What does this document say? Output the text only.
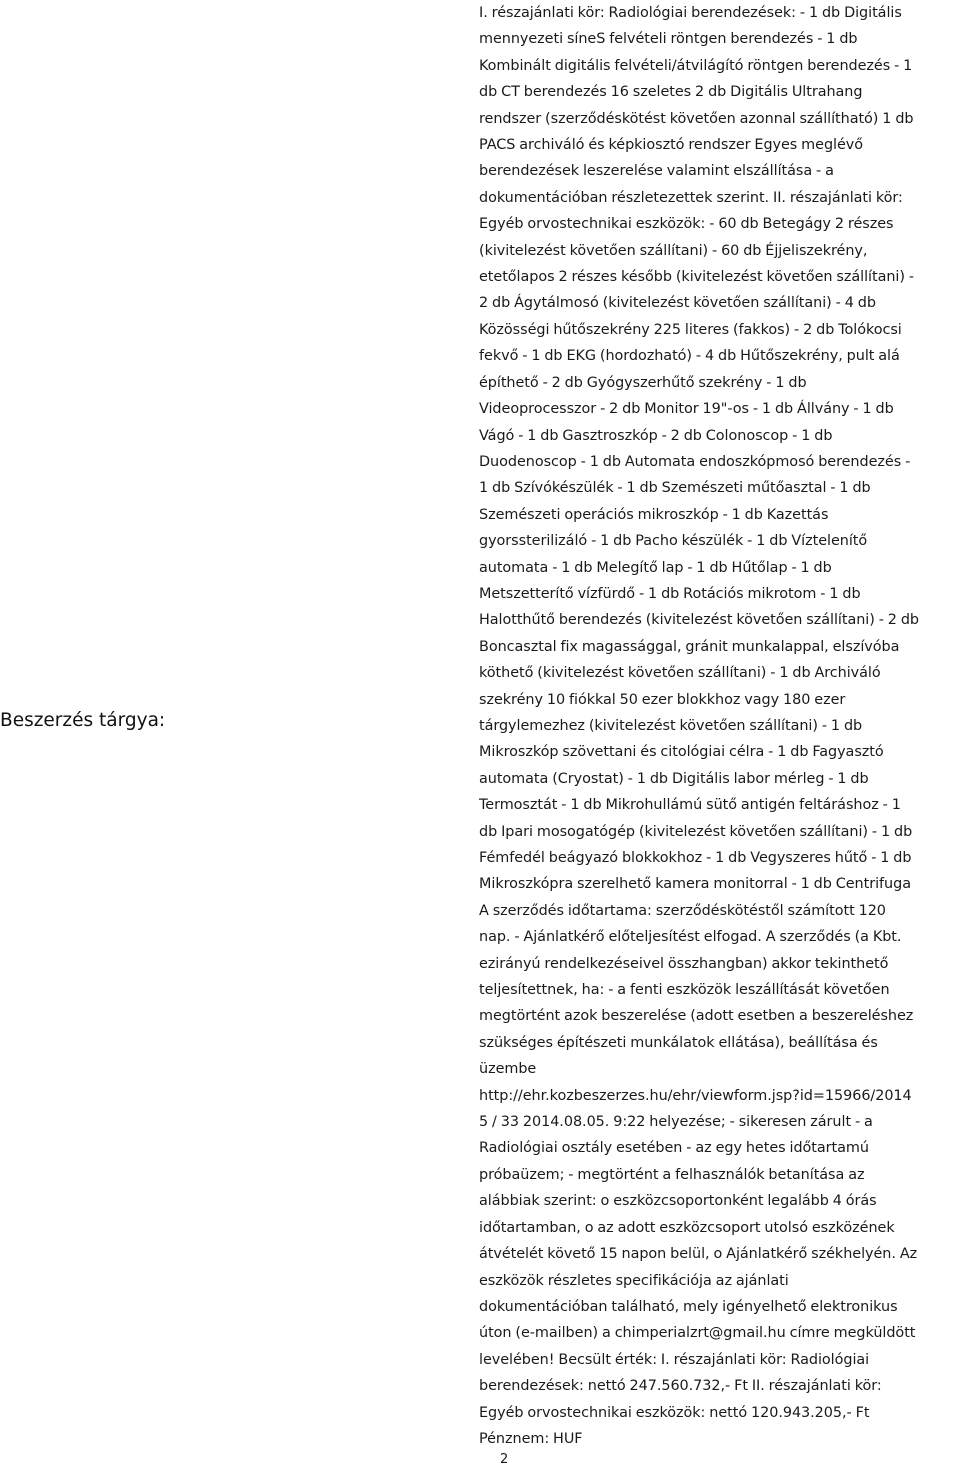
Beszerzés tárgya:
I. részajánlati kör: Radiológiai berendezések: - 1 db Digitális
mennyezeti síneS felvételi röntgen berendezés - 1 db
Kombinált digitális felvételi/átvilágító röntgen berendezés - 1
db CT berendezés 16 szeletes 2 db Digitális Ultrahang
rendszer (szerződéskötést követően azonnal szállítható) 1 db
PACS archiváló és képkiosztó rendszer Egyes meglévő
berendezések leszerelése valamint elszállítása - a
dokumentációban részletezettek szerint. II. részajánlati kör:
Egyéb orvostechnikai eszközök: - 60 db Betegágy 2 részes
(kivitelezést követően szállítani) - 60 db Éjjeliszekrény,
etetőlapos 2 részes később (kivitelezést követően szállítani) -
2 db Ágytálmosó (kivitelezést követően szállítani) - 4 db
Közösségi hűtőszekrény 225 literes (fakkos) - 2 db Tolókocsi
fekvő - 1 db EKG (hordozható) - 4 db Hűtőszekrény, pult alá
építhető - 2 db Gyógyszerhűtő szekrény - 1 db
Videoprocesszor - 2 db Monitor 19"-os - 1 db Állvány - 1 db
Vágó - 1 db Gasztroszkóp - 2 db Colonoscop - 1 db
Duodenoscop - 1 db Automata endoszkópmosó berendezés -
1 db Szívókészülék - 1 db Szemészeti műtőasztal - 1 db
Szemészeti operációs mikroszkóp - 1 db Kazettás
gyorssterilizáló - 1 db Pacho készülék - 1 db Víztelenítő
automata - 1 db Melegítő lap - 1 db Hűtőlap - 1 db
Metszetterítő vízfürdő - 1 db Rotációs mikrotom - 1 db
Halotthűtő berendezés (kivitelezést követően szállítani) - 2 db
Boncasztal fix magassággal, gránit munkalappal, elszívóba
köthető (kivitelezést követően szállítani) - 1 db Archiváló
szekrény 10 fiókkal 50 ezer blokkhoz vagy 180 ezer
tárgylemezhez (kivitelezést követően szállítani) - 1 db
Mikroszkóp szövettani és citológiai célra - 1 db Fagyasztó
automata (Cryostat) - 1 db Digitális labor mérleg - 1 db
Termosztát - 1 db Mikrohullámú sütő antigén feltáráshoz - 1
db Ipari mosogatógép (kivitelezést követően szállítani) - 1 db
Fémfedél beágyazó blokkokhoz - 1 db Vegyszeres hűtő - 1 db
Mikroszkópra szerelhető kamera monitorral - 1 db Centrifuga
A szerződés időtartama: szerződéskötéstől számított 120
nap. - Ajánlatkérő előteljesítést elfogad. A szerződés (a Kbt.
ezirányú rendelkezéseivel összhangban) akkor tekinthető
teljesítettnek, ha: - a fenti eszközök leszállítását követően
megtörtént azok beszerelése (adott esetben a beszereléshez
szükséges építészeti munkálatok ellátása), beállítása és
üzembe
http://ehr.kozbeszerzes.hu/ehr/viewform.jsp?id=15966/2014
5 / 33 2014.08.05. 9:22 helyezése; - sikeresen zárult - a
Radiológiai osztály esetében - az egy hetes időtartamú
próbaüzem; - megtörtént a felhasználók betanítása az
alábbiak szerint: o eszközcsoportonként legalább 4 órás
időtartamban, o az adott eszközcsoport utolsó eszközének
átvételét követő 15 napon belül, o Ajánlatkérő székhelyén. Az
eszközök részletes specifikációja az ajánlati
dokumentációban található, mely igényelhető elektronikus
úton (e-mailben) a chimperialzrt@gmail.hu címre megküldött
levelében! Becsült érték: I. részajánlati kör: Radiológiai
berendezések: nettó 247.560.732,- Ft II. részajánlati kör:
Egyéb orvostechnikai eszközök: nettó 120.943.205,- Ft
Pénznem: HUF
2
